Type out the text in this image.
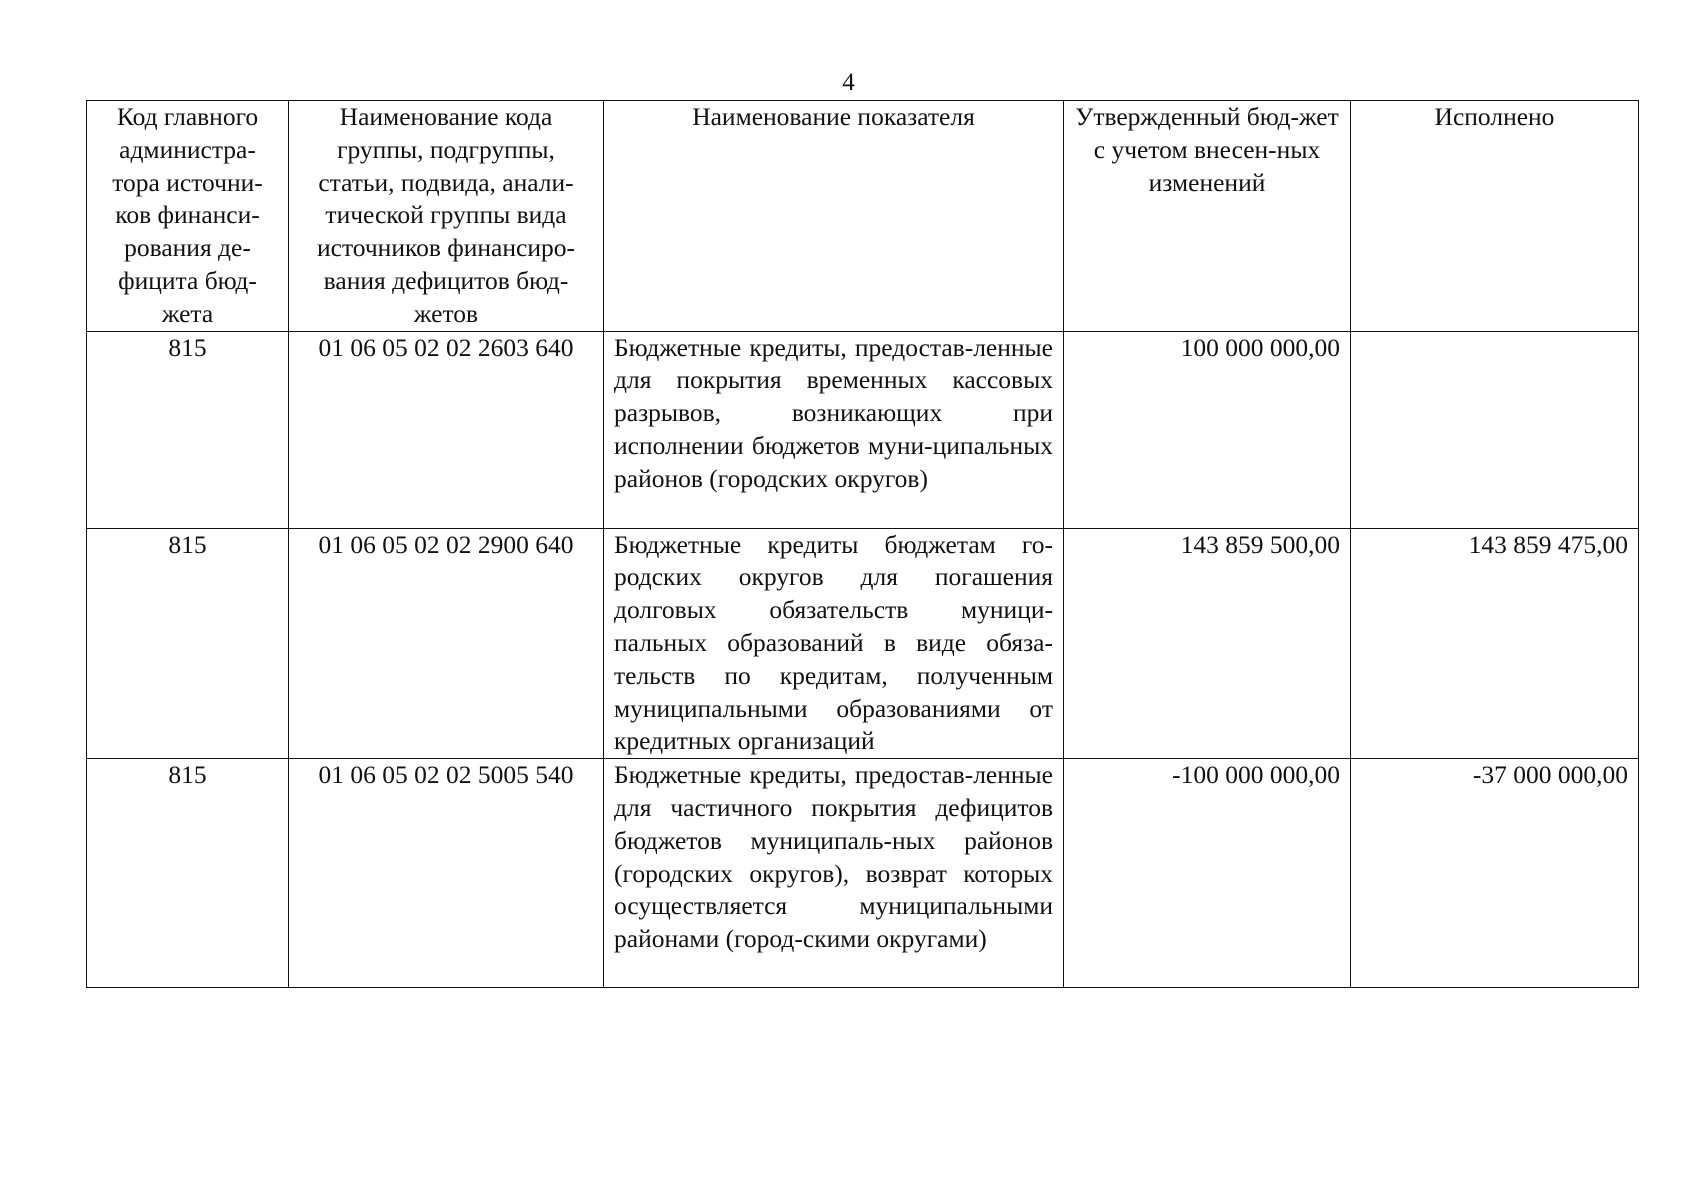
4
Код главного администра-тора источни-ков финанси-рования де-фицита бюд-жета	Наименование кода группы, подгруппы, статьи, подвида, анали-тической группы вида источников финансиро-вания дефицитов бюд-жетов	Наименование показателя	Утвержденный бюд-жет с учетом внесен-ных изменений	Исполнено
815	01 06 05 02 02 2603 640	Бюджетные кредиты, предостав-ленные для покрытия временных кассовых разрывов, возникающих при исполнении бюджетов муни-ципальных районов (городских округов)	100 000 000,00	
815	01 06 05 02 02 2900 640	Бюджетные кредиты бюджетам го-родских округов для погашения долговых обязательств муници-пальных образований в виде обяза-тельств по кредитам, полученным муниципальными образованиями от кредитных организаций	143 859 500,00	143 859 475,00
815	01 06 05 02 02 5005 540	Бюджетные кредиты, предостав-ленные для частичного покрытия дефицитов бюджетов муниципаль-ных районов (городских округов), возврат которых осуществляется муниципальными районами (город-скими округами)	-100 000 000,00	-37 000 000,00
